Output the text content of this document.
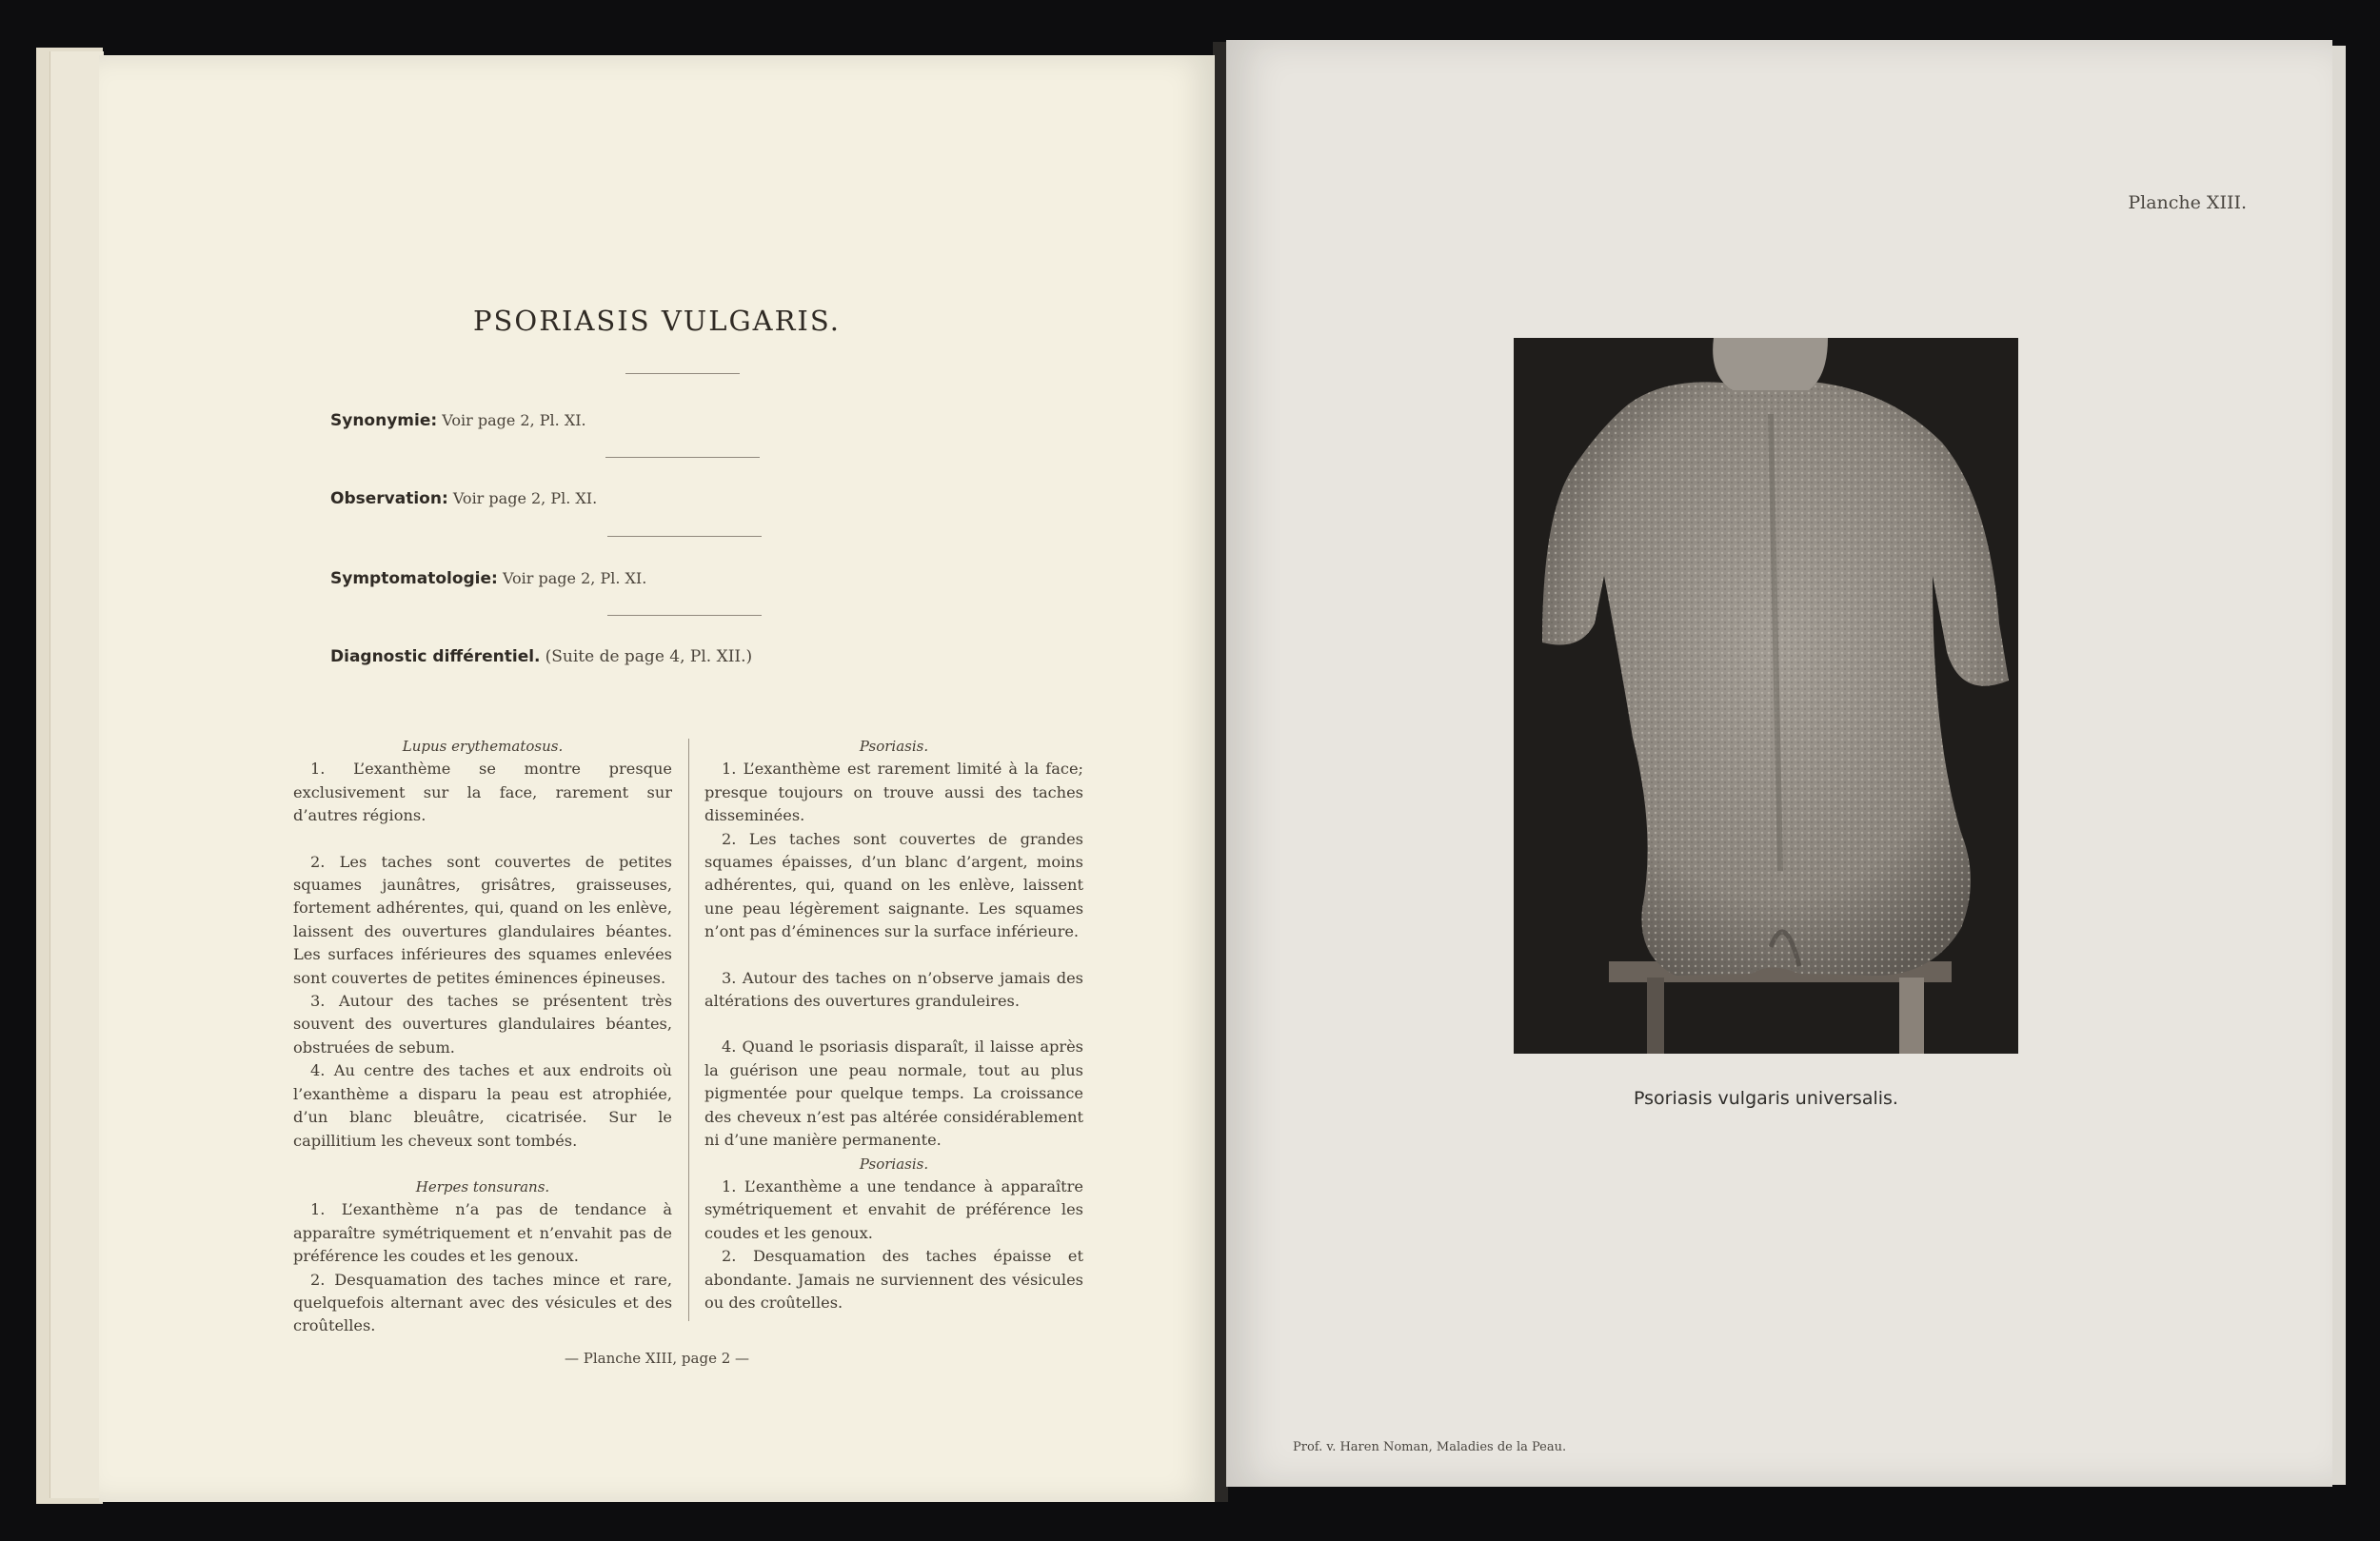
PSORIASIS VULGARIS.
Synonymie: Voir page 2, Pl. XI.
Observation: Voir page 2, Pl. XI.
Symptomatologie: Voir page 2, Pl. XI.
Diagnostic différentiel. (Suite de page 4, Pl. XII.)

Lupus erythematosus.

1. L’exanthème se montre presque exclusivement sur la face, rarement sur d’autres régions.

2. Les taches sont couvertes de petites squames jaunâtres, grisâtres, graisseuses, fortement adhérentes, qui, quand on les enlève, laissent des ouvertures glandulaires béantes. Les surfaces inférieures des squames enlevées sont couvertes de petites éminences épineuses.

3. Autour des taches se présentent très souvent des ouvertures glandulaires béantes, obstruées de sebum.

4. Au centre des taches et aux endroits où l’exanthème a disparu la peau est atrophiée, d’un blanc bleuâtre, cicatrisée. Sur le capillitium les cheveux sont tombés.

Herpes tonsurans.

1. L’exanthème n’a pas de tendance à apparaître symétriquement et n’envahit pas de préférence les coudes et les genoux.

2. Desquamation des taches mince et rare, quelquefois alternant avec des vésicules et des croûtelles.

Psoriasis.

1. L’exanthème est rarement limité à la face; presque toujours on trouve aussi des taches disseminées.

2. Les taches sont couvertes de grandes squames épaisses, d’un blanc d’argent, moins adhérentes, qui, quand on les enlève, laissent une peau légèrement saignante. Les squames n’ont pas d’éminences sur la surface inférieure.

3. Autour des taches on n’observe jamais des altérations des ouvertures granduleires.

4. Quand le psoriasis disparaît, il laisse après la guérison une peau normale, tout au plus pigmentée pour quelque temps. La croissance des cheveux n’est pas altérée considérablement ni d’une manière permanente.

Psoriasis.

1. L’exanthème a une tendance à apparaître symétriquement et envahit de préférence les coudes et les genoux.

2. Desquamation des taches épaisse et abondante. Jamais ne surviennent des vésicules ou des croûtelles.

— Planche XIII, page 2 —
Planche XIII.
Prof. v. Haren Noman, Maladies de la Peau.
Psoriasis vulgaris universalis.
